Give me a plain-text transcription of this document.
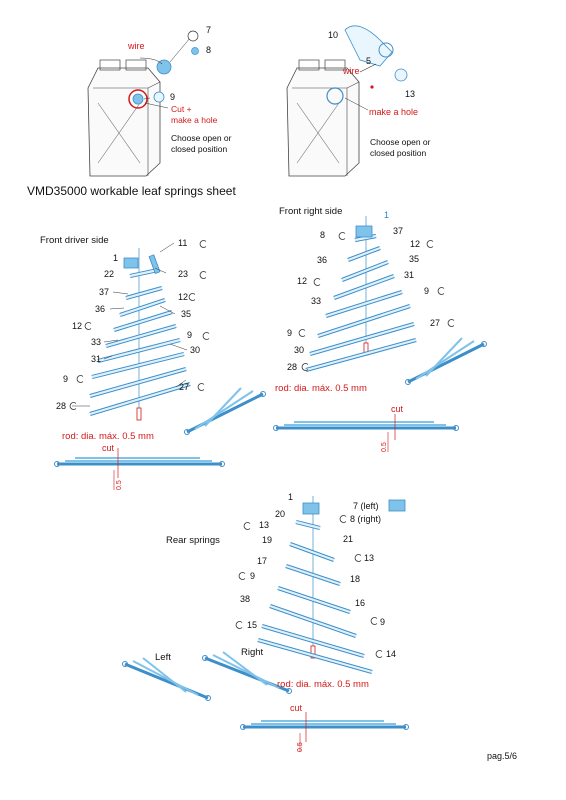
0.5
0.5
0.5
7
8
wire
9
Cut +
make a hole
Choose open or
closed position
10
5
wire
13
make a hole
Choose open or
closed position
VMD35000 workable leaf springs sheet
Front driver side
1
11
22	23
37	12
36	35
12
9
33
30
31
9
27
28
rod: dia. máx. 0.5 mm
cut
Front right side	1
8	37
12
36	35
12
31
9
33
27
9
30
28
rod: dia. máx. 0.5 mm
cut
Rear springs
1
7 (left)
8 (right)
20
13
21
19
13
17
18
9
38	16
15	9
14
Left	Right
rod: dia. máx. 0.5 mm
cut
pag.5/6
